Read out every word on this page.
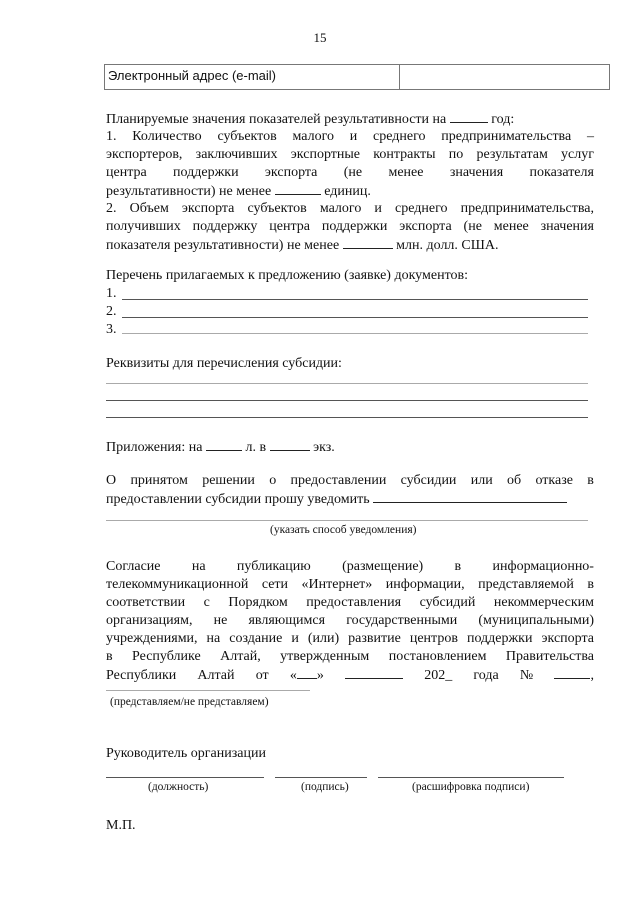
15
Электронный адрес (e-mail)
Планируемые значения показателей результативности на	год:
1. Количество субъектов малого и среднего предпринимательства –
экспортеров, заключивших экспортные контракты по результатам услуг
центра поддержки экспорта (не менее значения показателя
результативности) не менее	единиц.
2. Объем экспорта субъектов малого и среднего предпринимательства,
получивших поддержку центра поддержки экспорта (не менее значения
показателя результативности) не менее	млн. долл. США.
Перечень прилагаемых к предложению (заявке) документов:
1.
2.
3.
Реквизиты для перечисления субсидии:
Приложения: на	л. в	экз.
О принятом решении о предоставлении субсидии или об отказе в
предоставлении субсидии прошу уведомить
(указать способ уведомления)
Согласие на публикацию (размещение) в информационно-
телекоммуникационной сети «Интернет» информации, представляемой в
соответствии с Порядком предоставления субсидий некоммерческим
организациям, не являющимся государственными (муниципальными)
учреждениями, на создание и (или) развитие центров поддержки экспорта
в Республике Алтай, утвержденным постановлением Правительства
Республики Алтай от « »	202_ года №	,
(представляем/не представляем)
Руководитель организации
(должность)	(подпись)	(расшифровка подписи)
М.П.
